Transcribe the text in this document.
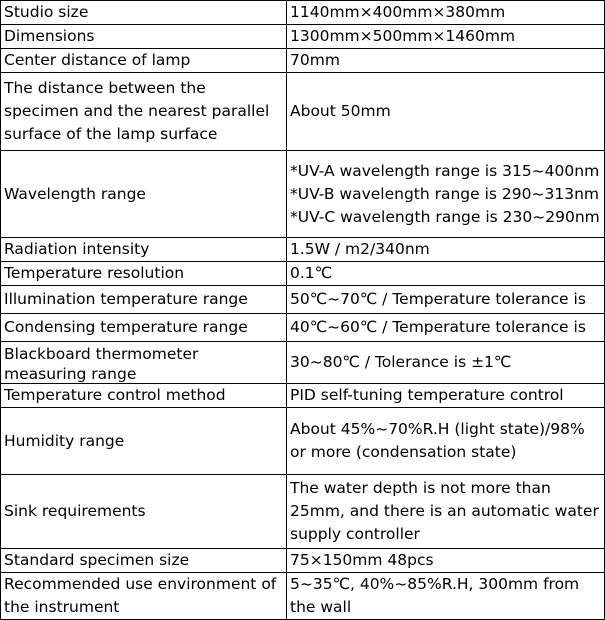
Studio size	1140mm×400mm×380mm
Dimensions	1300mm×500mm×1460mm
Center distance of lamp	70mm
The distance between the specimen and the nearest parallel surface of the lamp surface	About 50mm
Wavelength range	*UV-A wavelength range is 315~400nm
*UV-B wavelength range is 290~313nm
*UV-C wavelength range is 230~290nm

Radiation intensity	1.5W / m2/340nm
Temperature resolution	0.1℃
Illumination temperature range	50℃~70℃ / Temperature tolerance is
Condensing temperature range	40℃~60℃ / Temperature tolerance is

Blackboard thermometer measuring range	30~80℃ / Tolerance is ±1℃
Temperature control method	PID self-tuning temperature control
Humidity range	About 45%~70%R.H (light state)/98% or more (condensation state)
Sink requirements	The water depth is not more than 25mm, and there is an automatic water supply controller
Standard specimen size	75×150mm 48pcs
Recommended use environment of the instrument	5~35℃, 40%~85%R.H, 300mm from the wall
